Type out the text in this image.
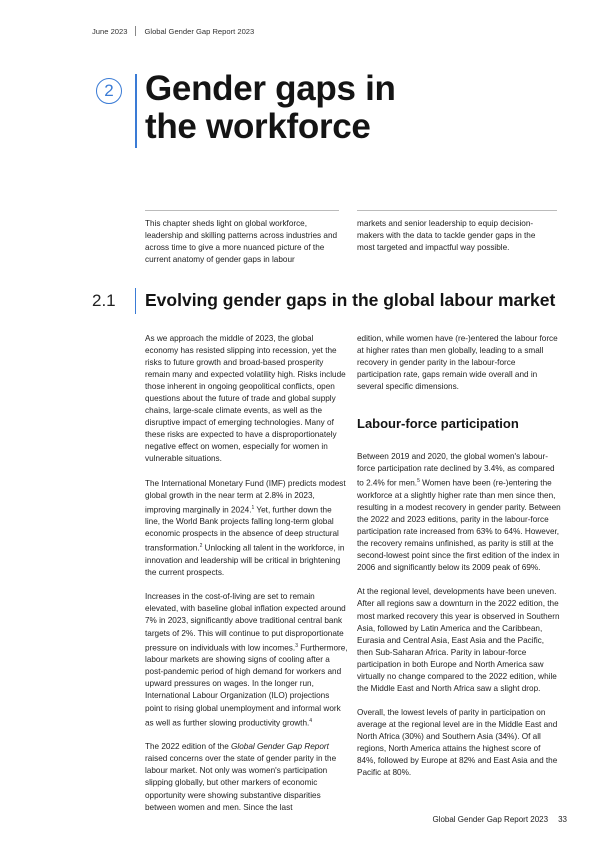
June 2023 Global Gender Gap Report 2023
2 Gender gaps in
the workforce
This chapter sheds light on global workforce, leadership and skilling patterns across industries and across time to give a more nuanced picture of the current anatomy of gender gaps in labour
markets and senior leadership to equip decision-makers with the data to tackle gender gaps in the most targeted and impactful way possible.
2.1 Evolving gender gaps in the global labour market

As we approach the middle of 2023, the global economy has resisted slipping into recession, yet the risks to future growth and broad-based prosperity remain many and expected volatility high. Risks include those inherent in ongoing geopolitical conflicts, open questions about the future of trade and global supply chains, large-scale climate events, as well as the disruptive impact of emerging technologies. Many of these risks are expected to have a disproportionately negative effect on women, especially for women in vulnerable situations.

The International Monetary Fund (IMF) predicts modest global growth in the near term at 2.8% in 2023, improving marginally in 2024.$^1$ Yet, further down the line, the World Bank projects falling long-term global economic prospects in the absence of deep structural transformation.$^2$ Unlocking all talent in the workforce, in innovation and leadership will be critical in brightening the current prospects.

Increases in the cost-of-living are set to remain elevated, with baseline global inflation expected around 7% in 2023, significantly above traditional central bank targets of 2%. This will continue to put disproportionate pressure on individuals with low incomes.$^3$ Furthermore, labour markets are showing signs of cooling after a post-pandemic period of high demand for workers and upward pressures on wages. In the longer run, International Labour Organization (ILO) projections point to rising global unemployment and informal work as well as further slowing productivity growth.$^4$

The 2022 edition of the Global Gender Gap Report raised concerns over the state of gender parity in the labour market. Not only was women's participation slipping globally, but other markers of economic opportunity were showing substantive disparities between women and men. Since the last

edition, while women have (re-)entered the labour force at higher rates than men globally, leading to a small recovery in gender parity in the labour-force participation rate, gaps remain wide overall and in several specific dimensions.

Labour-force participation

Between 2019 and 2020, the global women's labour-force participation rate declined by 3.4%, as compared to 2.4% for men.$^5$ Women have been (re-)entering the workforce at a slightly higher rate than men since then, resulting in a modest recovery in gender parity. Between the 2022 and 2023 editions, parity in the labour-force participation rate increased from 63% to 64%. However, the recovery remains unfinished, as parity is still at the second-lowest point since the first edition of the index in 2006 and significantly below its 2009 peak of 69%.

At the regional level, developments have been uneven. After all regions saw a downturn in the 2022 edition, the most marked recovery this year is observed in Southern Asia, followed by Latin America and the Caribbean, Eurasia and Central Asia, East Asia and the Pacific, then Sub-Saharan Africa. Parity in labour-force participation in both Europe and North America saw virtually no change compared to the 2022 edition, while the Middle East and North Africa saw a slight drop.

Overall, the lowest levels of parity in participation on average at the regional level are in the Middle East and North Africa (30%) and Southern Asia (34%). Of all regions, North America attains the highest score of 84%, followed by Europe at 82% and East Asia and the Pacific at 80%.

Global Gender Gap Report 2023 33
